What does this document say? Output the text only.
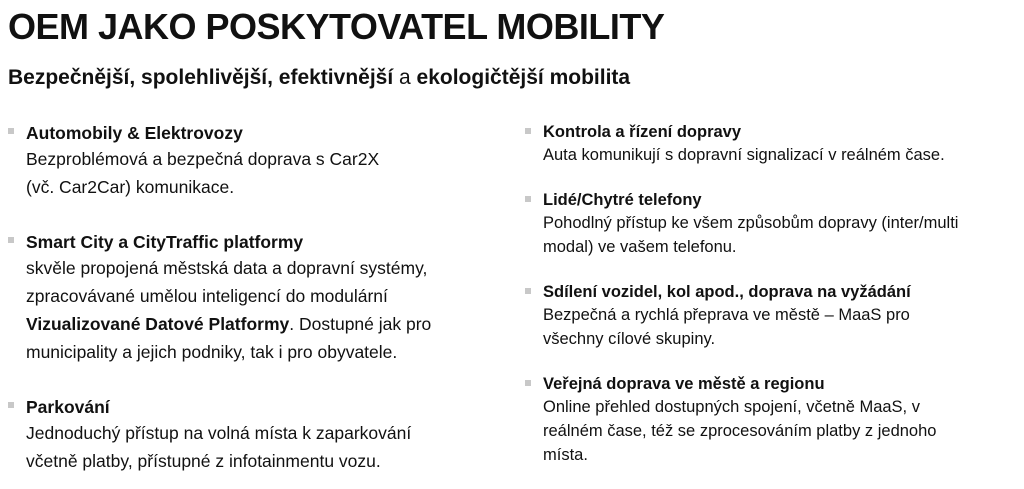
OEM JAKO POSKYTOVATEL MOBILITY
Bezpečnější, spolehlivější, efektivnější a ekologičtější mobilita
Automobily & Elektrovozy
Bezproblémová a bezpečná doprava s Car2X
(vč. Car2Car) komunikace.
Smart City a CityTraffic platformy
skvěle propojená městská data a dopravní systémy,
zpracovávané umělou inteligencí do modulární
Vizualizované Datové Platformy. Dostupné jak pro
municipality a jejich podniky, tak i pro obyvatele.
Parkování
Jednoduchý přístup na volná místa k zaparkování
včetně platby, přístupné z infotainmentu vozu.
Kontrola a řízení dopravy
Auta komunikují s dopravní signalizací v reálném čase.
Lidé/Chytré telefony
Pohodlný přístup ke všem způsobům dopravy (inter/multi
modal) ve vašem telefonu.
Sdílení vozidel, kol apod., doprava na vyžádání
Bezpečná a rychlá přeprava ve městě – MaaS pro
všechny cílové skupiny.
Veřejná doprava ve městě a regionu
Online přehled dostupných spojení, včetně MaaS, v
reálném čase, též se zprocesováním platby z jednoho
místa.
